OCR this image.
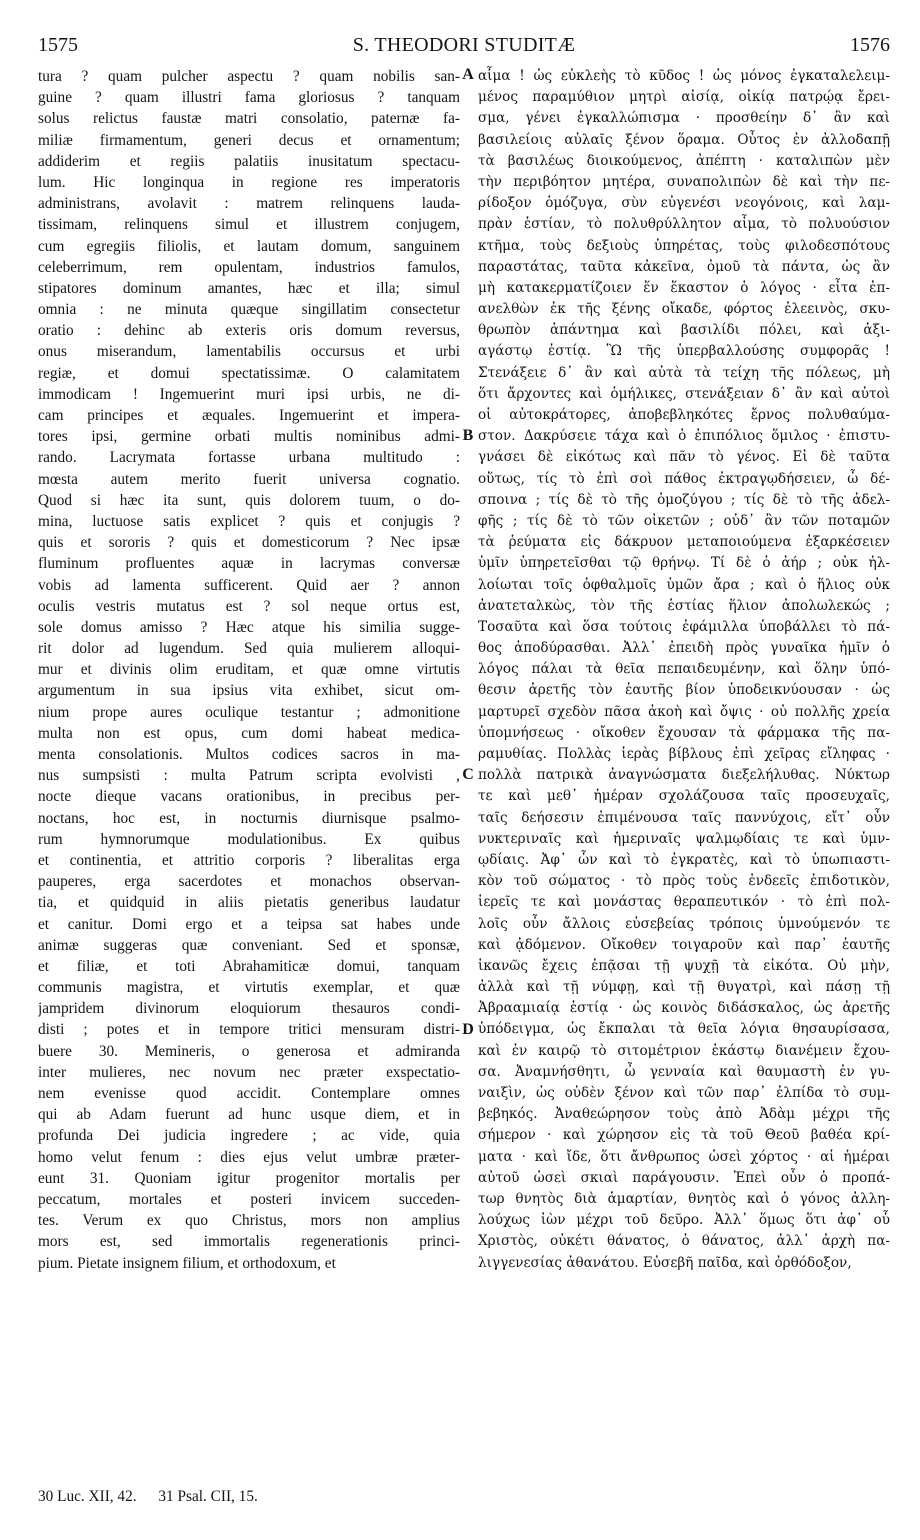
1575	S. THEODORI STUDITÆ	1576
tura ? quam pulcher aspectu ? quam nobilis san-
guine ? quam illustri fama gloriosus ? tanquam
solus relictus faustæ matri consolatio, paternæ fa-
miliæ firmamentum, generi decus et ornamentum;
addiderim et regiis palatiis inusitatum spectacu-
lum. Hic longinqua in regione res imperatoris
administrans, avolavit : matrem relinquens lauda-
tissimam, relinquens simul et illustrem conjugem,
cum egregiis filiolis, et lautam domum, sanguinem
celeberrimum, rem opulentam, industrios famulos,
stipatores dominum amantes, hæc et illa; simul
omnia : ne minuta quæque singillatim consectetur
oratio : dehinc ab exteris oris domum reversus,
onus miserandum, lamentabilis occursus et urbi
regiæ, et domui spectatissimæ. O calamitatem
immodicam ! Ingemuerint muri ipsi urbis, ne di-
cam principes et æquales. Ingemuerint et impera-
tores ipsi, germine orbati multis nominibus admi-
rando. Lacrymata fortasse urbana multitudo :
mœsta autem merito fuerit universa cognatio.
Quod si hæc ita sunt, quis dolorem tuum, o do-
mina, luctuose satis explicet ? quis et conjugis ?
quis et sororis ? quis et domesticorum ? Nec ipsæ
fluminum profluentes aquæ in lacrymas conversæ
vobis ad lamenta sufficerent. Quid aer ? annon
oculis vestris mutatus est ? sol neque ortus est,
sole domus amisso ? Hæc atque his similia sugge-
rit dolor ad lugendum. Sed quia mulierem alloqui-
mur et divinis olim eruditam, et quæ omne virtutis
argumentum in sua ipsius vita exhibet, sicut om-
nium prope aures oculique testantur ; admonitione
multa non est opus, cum domi habeat medica-
menta consolationis. Multos codices sacros in ma-
nus sumpsisti : multa Patrum scripta evolvisti ,
nocte dieque vacans orationibus, in precibus per-
noctans, hoc est, in nocturnis diurnisque psalmo-
rum hymnorumque modulationibus. Ex quibus
et continentia, et attritio corporis ? liberalitas erga
pauperes, erga sacerdotes et monachos observan-
tia, et quidquid in aliis pietatis generibus laudatur
et canitur. Domi ergo et a teipsa sat habes unde
animæ suggeras quæ conveniant. Sed et sponsæ,
et filiæ, et toti Abrahamiticæ domui, tanquam
communis magistra, et virtutis exemplar, et quæ
jampridem divinorum eloquiorum thesauros condi-
disti ; potes et in tempore tritici mensuram distri-
buere 30. Memineris, o generosa et admiranda
inter mulieres, nec novum nec præter exspectatio-
nem evenisse quod accidit. Contemplare omnes
qui ab Adam fuerunt ad hunc usque diem, et in
profunda Dei judicia ingredere ; ac vide, quia
homo velut fenum : dies ejus velut umbræ præter-
eunt 31. Quoniam igitur progenitor mortalis per
peccatum, mortales et posteri invicem succeden-
tes. Verum ex quo Christus, mors non amplius
mors est, sed immortalis regenerationis princi-
pium. Pietate insignem filium, et orthodoxum, et
αἷμα ! ὡς εὐκλεὴς τὸ κῦδος ! ὡς μόνος ἐγκαταλελειμ-
μένος παραμύθιον μητρὶ αἰσίᾳ, οἰκίᾳ πατρῴᾳ ἔρει-
σμα, γένει ἐγκαλλώπισμα · προσθείην δ᾽ ἂν καὶ
βασιλείοις αὐλαῖς ξένον ὅραμα. Οὗτος ἐν ἀλλοδαπῇ
τὰ βασιλέως διοικούμενος, ἀπέπτη · καταλιπὼν μὲν
τὴν περιβόητον μητέρα, συναπολιπὼν δὲ καὶ τὴν πε-
ρίδοξον ὁμόζυγα, σὺν εὐγενέσι νεογόνοις, καὶ λαμ-
πρὰν ἑστίαν, τὸ πολυθρύλλητον αἷμα, τὸ πολυούσιον
κτῆμα, τοὺς δεξιοὺς ὑπηρέτας, τοὺς φιλοδεσπότους
παραστάτας, ταῦτα κἀκεῖνα, ὁμοῦ τὰ πάντα, ὡς ἂν
μὴ κατακερματίζοιεν ἕν ἕκαστον ὁ λόγος · εἶτα ἐπ-
ανελθὼν ἐκ τῆς ξένης οἴκαδε, φόρτος ἐλεεινὸς, σκυ-
θρωπὸν ἀπάντημα καὶ βασιλίδι πόλει, καὶ ἀξι-
αγάστῳ ἑστίᾳ. Ὢ τῆς ὑπερβαλλούσης συμφορᾶς !
Στενάξειε δ᾽ ἂν καὶ αὐτὰ τὰ τείχη τῆς πόλεως, μὴ
ὅτι ἄρχοντες καὶ ὁμήλικες, στενάξειαν δ᾽ ἂν καὶ αὐτοὶ
οἱ αὐτοκράτορες, ἀποβεβληκότες ἔρνος πολυθαύμα-
στον. Δακρύσειε τάχα καὶ ὁ ἐπιπόλιος ὅμιλος · ἐπιστυ-
γνάσει δὲ εἰκότως καὶ πᾶν τὸ γένος. Εἰ δὲ ταῦτα
οὕτως, τίς τὸ ἐπὶ σοὶ πάθος ἐκτραγῳδήσειεν, ὦ δέ-
σποινα ; τίς δὲ τὸ τῆς ὁμοζύγου ; τίς δὲ τὸ τῆς ἀδελ-
φῆς ; τίς δὲ τὸ τῶν οἰκετῶν ; οὐδ᾽ ἂν τῶν ποταμῶν
τὰ ῥεύματα εἰς δάκρυον μεταποιούμενα ἐξαρκέσειεν
ὑμῖν ὑπηρετεῖσθαι τῷ θρήνῳ. Τί δὲ ὁ ἀήρ ; οὐκ ἠλ-
λοίωται τοῖς ὀφθαλμοῖς ὑμῶν ἄρα ; καὶ ὁ ἥλιος οὐκ
ἀνατεταλκὼς, τὸν τῆς ἑστίας ἥλιον ἀπολωλεκώς ;
Τοσαῦτα καὶ ὅσα τούτοις ἐφάμιλλα ὑποβάλλει τὸ πά-
θος ἀποδύρασθαι. Ἀλλ᾽ ἐπειδὴ πρὸς γυναῖκα ἡμῖν ὁ
λόγος πάλαι τὰ θεῖα πεπαιδευμένην, καὶ ὅλην ὑπό-
θεσιν ἀρετῆς τὸν ἑαυτῆς βίον ὑποδεικνύουσαν · ὡς
μαρτυρεῖ σχεδὸν πᾶσα ἀκοὴ καὶ ὄψις · οὐ πολλῆς χρεία
ὑπομνήσεως · οἴκοθεν ἔχουσαν τὰ φάρμακα τῆς πα-
ραμυθίας. Πολλὰς ἱερὰς βίβλους ἐπὶ χεῖρας εἴληφας ·
πολλὰ πατρικὰ ἀναγνώσματα διεξελήλυθας. Νύκτωρ
τε καὶ μεθ᾽ ἡμέραν σχολάζουσα ταῖς προσευχαῖς,
ταῖς δεήσεσιν ἐπιμένουσα ταῖς παννύχοις, εἴτ᾽ οὖν
νυκτεριναῖς καὶ ἡμεριναῖς ψαλμῳδίαις τε καὶ ὑμν-
ῳδίαις. Ἀφ᾽ ὧν καὶ τὸ ἐγκρατὲς, καὶ τὸ ὑπωπιαστι-
κὸν τοῦ σώματος · τὸ πρὸς τοὺς ἐνδεεῖς ἐπιδοτικὸν,
ἱερεῖς τε καὶ μονάστας θεραπευτικόν · τὸ ἐπὶ πολ-
λοῖς οὖν ἄλλοις εὐσεβείας τρόποις ὑμνούμενόν τε
καὶ ᾀδόμενον. Οἴκοθεν τοιγαροῦν καὶ παρ᾽ ἑαυτῆς
ἱκανῶς ἔχεις ἐπᾷσαι τῇ ψυχῇ τὰ εἰκότα. Οὐ μὴν,
ἀλλὰ καὶ τῇ νύμφῃ, καὶ τῇ θυγατρὶ, καὶ πάσῃ τῇ
Ἀβρααμιαίᾳ ἑστίᾳ · ὡς κοινὸς διδάσκαλος, ὡς ἀρετῆς
ὑπόδειγμα, ὡς ἔκπαλαι τὰ θεῖα λόγια θησαυρίσασα,
καὶ ἐν καιρῷ τὸ σιτομέτριον ἑκάστῳ διανέμειν ἔχου-
σα. Ἀναμνήσθητι, ὦ γενναία καὶ θαυμαστὴ ἐν γυ-
ναιξὶν, ὡς οὐδὲν ξένον καὶ τῶν παρ᾽ ἐλπίδα τὸ συμ-
βεβηκός. Ἀναθεώρησον τοὺς ἀπὸ Ἀδὰμ μέχρι τῆς
σήμερον · καὶ χώρησον εἰς τὰ τοῦ Θεοῦ βαθέα κρί-
ματα · καὶ ἴδε, ὅτι ἄνθρωπος ὡσεὶ χόρτος · αἱ ἡμέραι
αὐτοῦ ὡσεὶ σκιαὶ παράγουσιν. Ἐπεὶ οὖν ὁ προπά-
τωρ θνητὸς διὰ ἁμαρτίαν, θνητὸς καὶ ὁ γόνος ἀλλη-
λούχως ἰὼν μέχρι τοῦ δεῦρο. Ἀλλ᾽ ὅμως ὅτι ἀφ᾽ οὗ
Χριστὸς, οὐκέτι θάνατος, ὁ θάνατος, ἀλλ᾽ ἀρχὴ πα-
λιγγενεσίας ἀθανάτου. Εὐσεβῆ παῖδα, καὶ ὀρθόδοξον,
A
B
C
D
30 Luc. XII, 42. 31 Psal. CII, 15.
